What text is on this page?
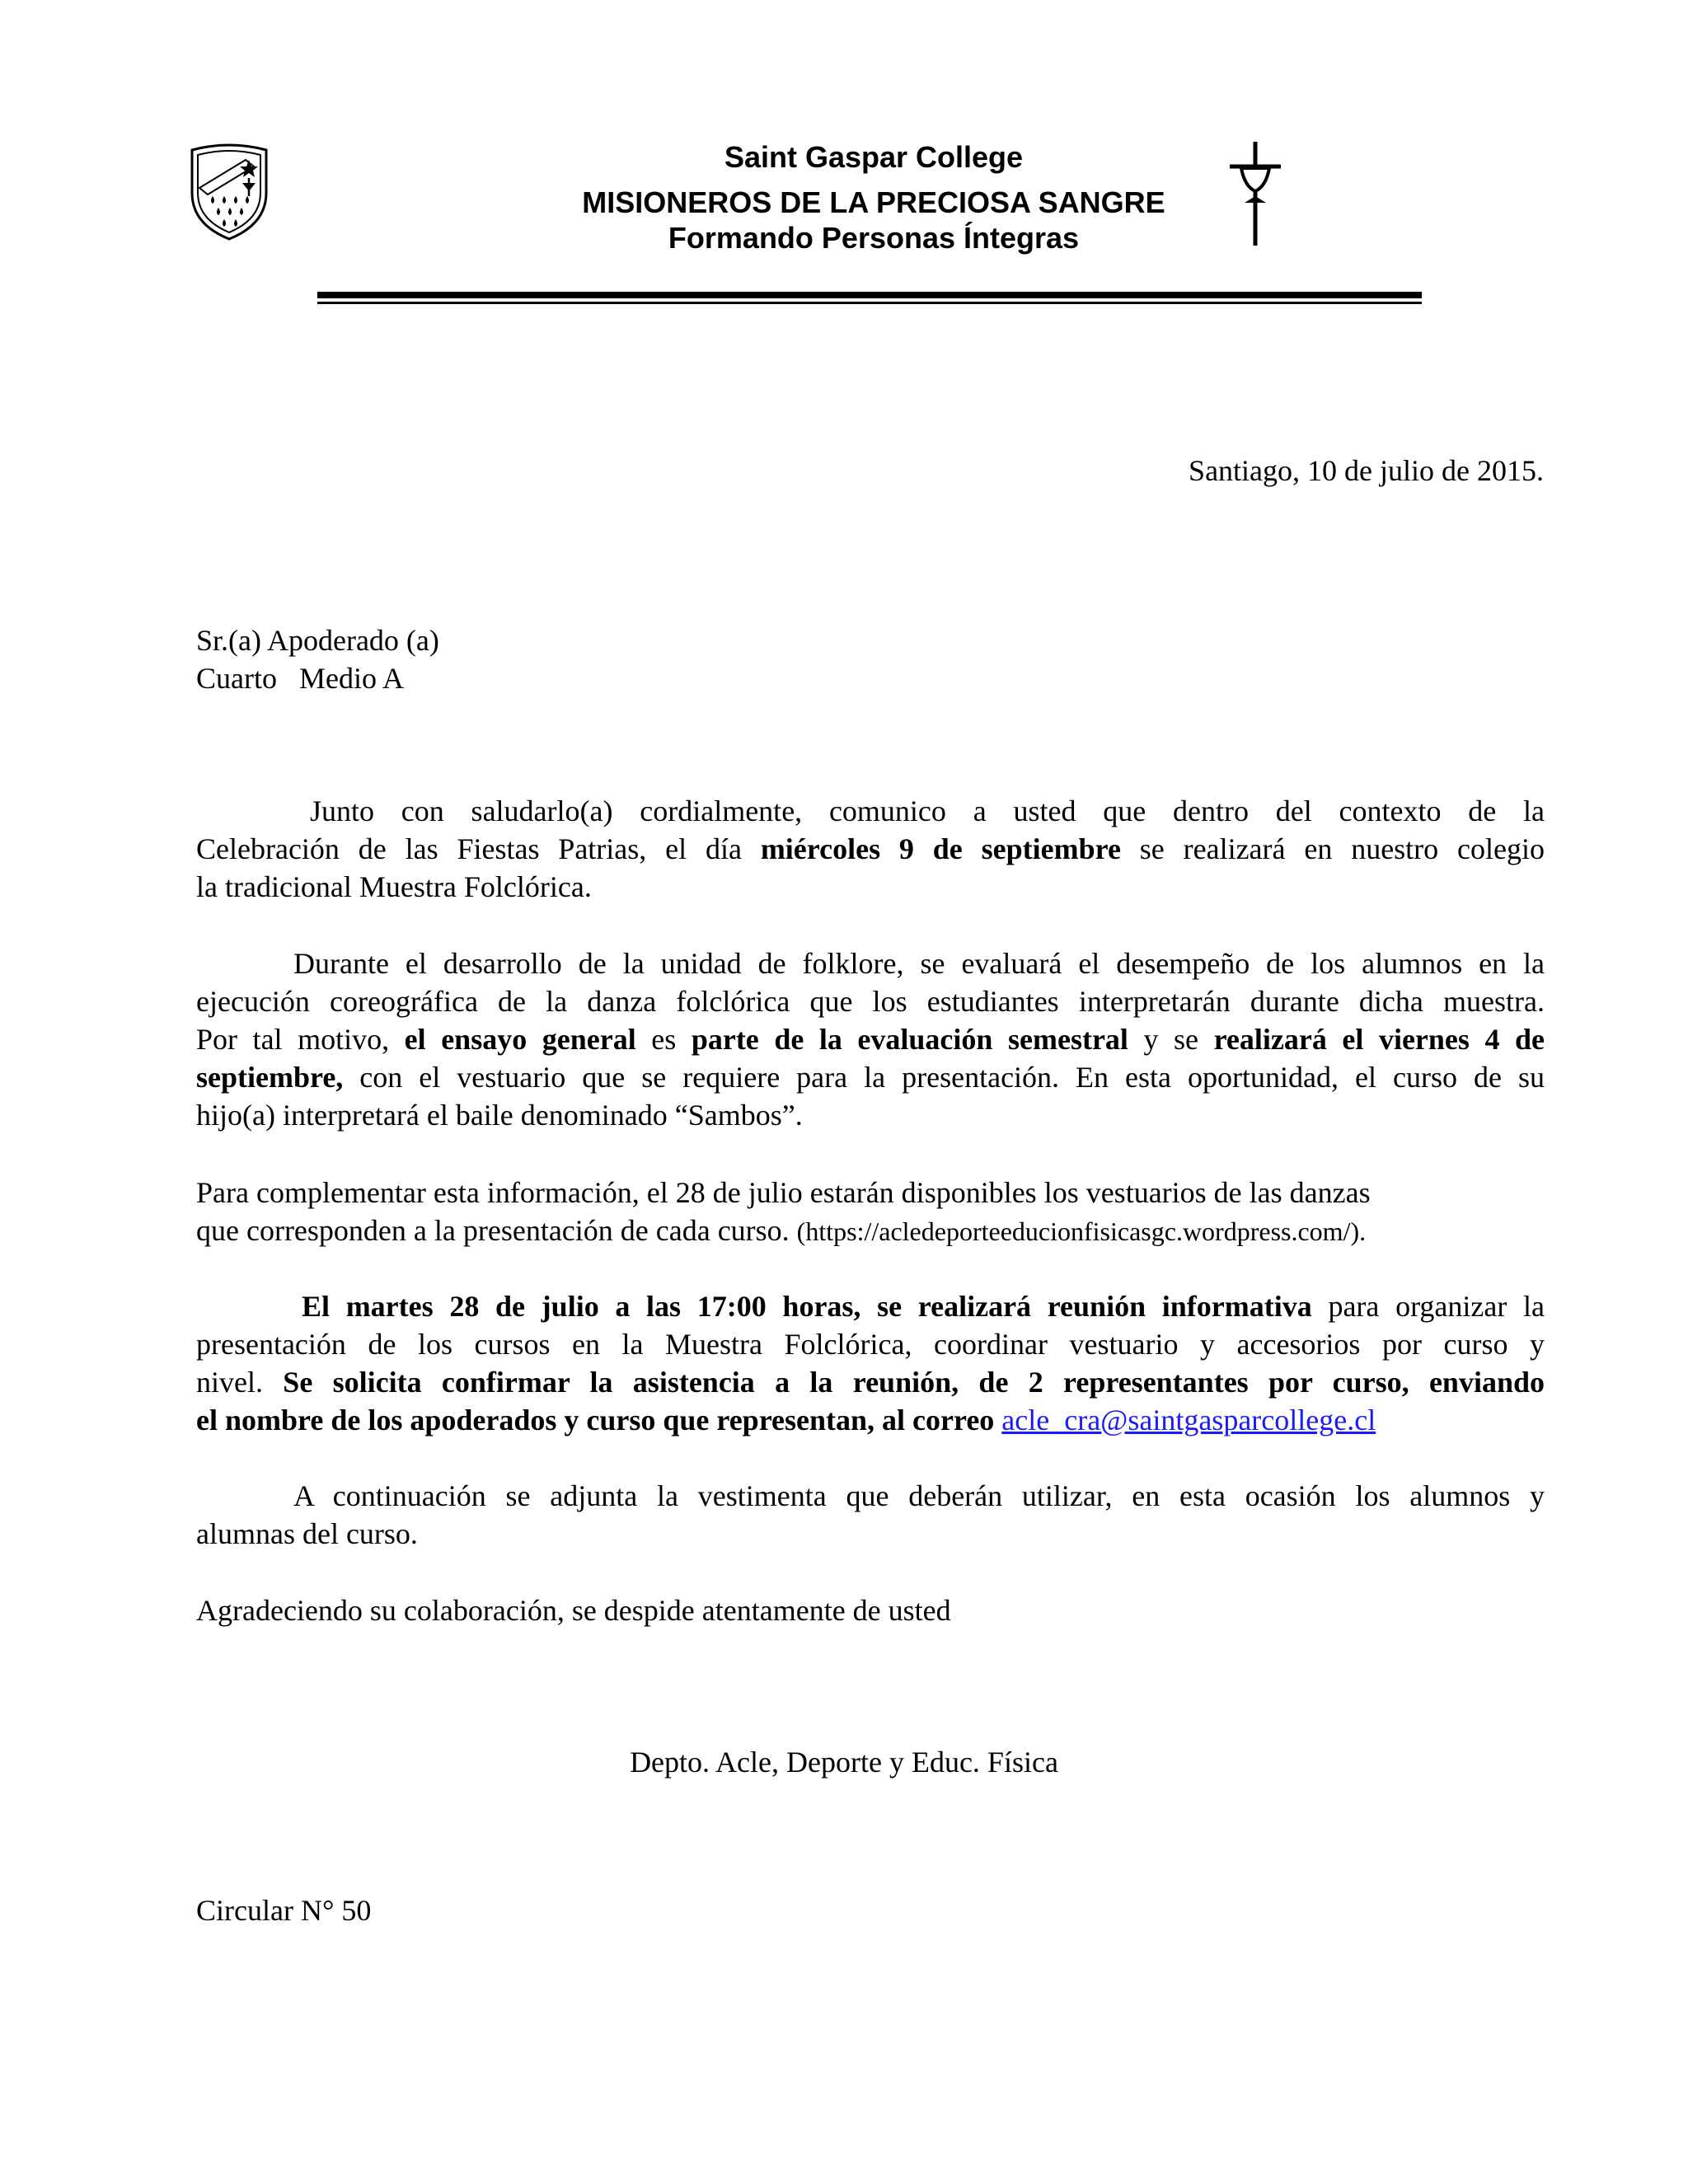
Saint Gaspar College
MISIONEROS DE LA PRECIOSA SANGRE
Formando Personas Íntegras
Santiago, 10 de julio de 2015.
Sr.(a) Apoderado (a)
Cuarto   Medio A
Junto con saludarlo(a) cordialmente, comunico a usted que dentro del contexto de la
Celebración de las Fiestas Patrias, el día miércoles 9 de septiembre se realizará en nuestro colegio
la tradicional Muestra Folclórica.
Durante el desarrollo de la unidad de folklore, se evaluará el desempeño de los alumnos en la
ejecución coreográfica de la danza folclórica que los estudiantes interpretarán durante dicha muestra.
Por tal motivo, el ensayo general es parte de la evaluación semestral y se realizará el viernes 4 de
septiembre, con el vestuario que se requiere para la presentación. En esta oportunidad, el curso de su
hijo(a) interpretará el baile denominado “Sambos”.
Para complementar esta información, el 28 de julio estarán disponibles los vestuarios de las danzas
que corresponden a la presentación de cada curso. (https://acledeporteeducionfisicasgc.wordpress.com/).
El martes 28 de julio a las 17:00 horas, se realizará reunión informativa para organizar la
presentación de los cursos en la Muestra Folclórica, coordinar vestuario y accesorios por curso y
nivel. Se solicita confirmar la asistencia a la reunión, de 2 representantes por curso, enviando
el nombre de los apoderados y curso que representan, al correo acle_cra@saintgasparcollege.cl
A continuación se adjunta la vestimenta que deberán utilizar, en esta ocasión los alumnos y
alumnas del curso.
Agradeciendo su colaboración, se despide atentamente de usted
Depto. Acle, Deporte y Educ. Física
Circular N° 50
